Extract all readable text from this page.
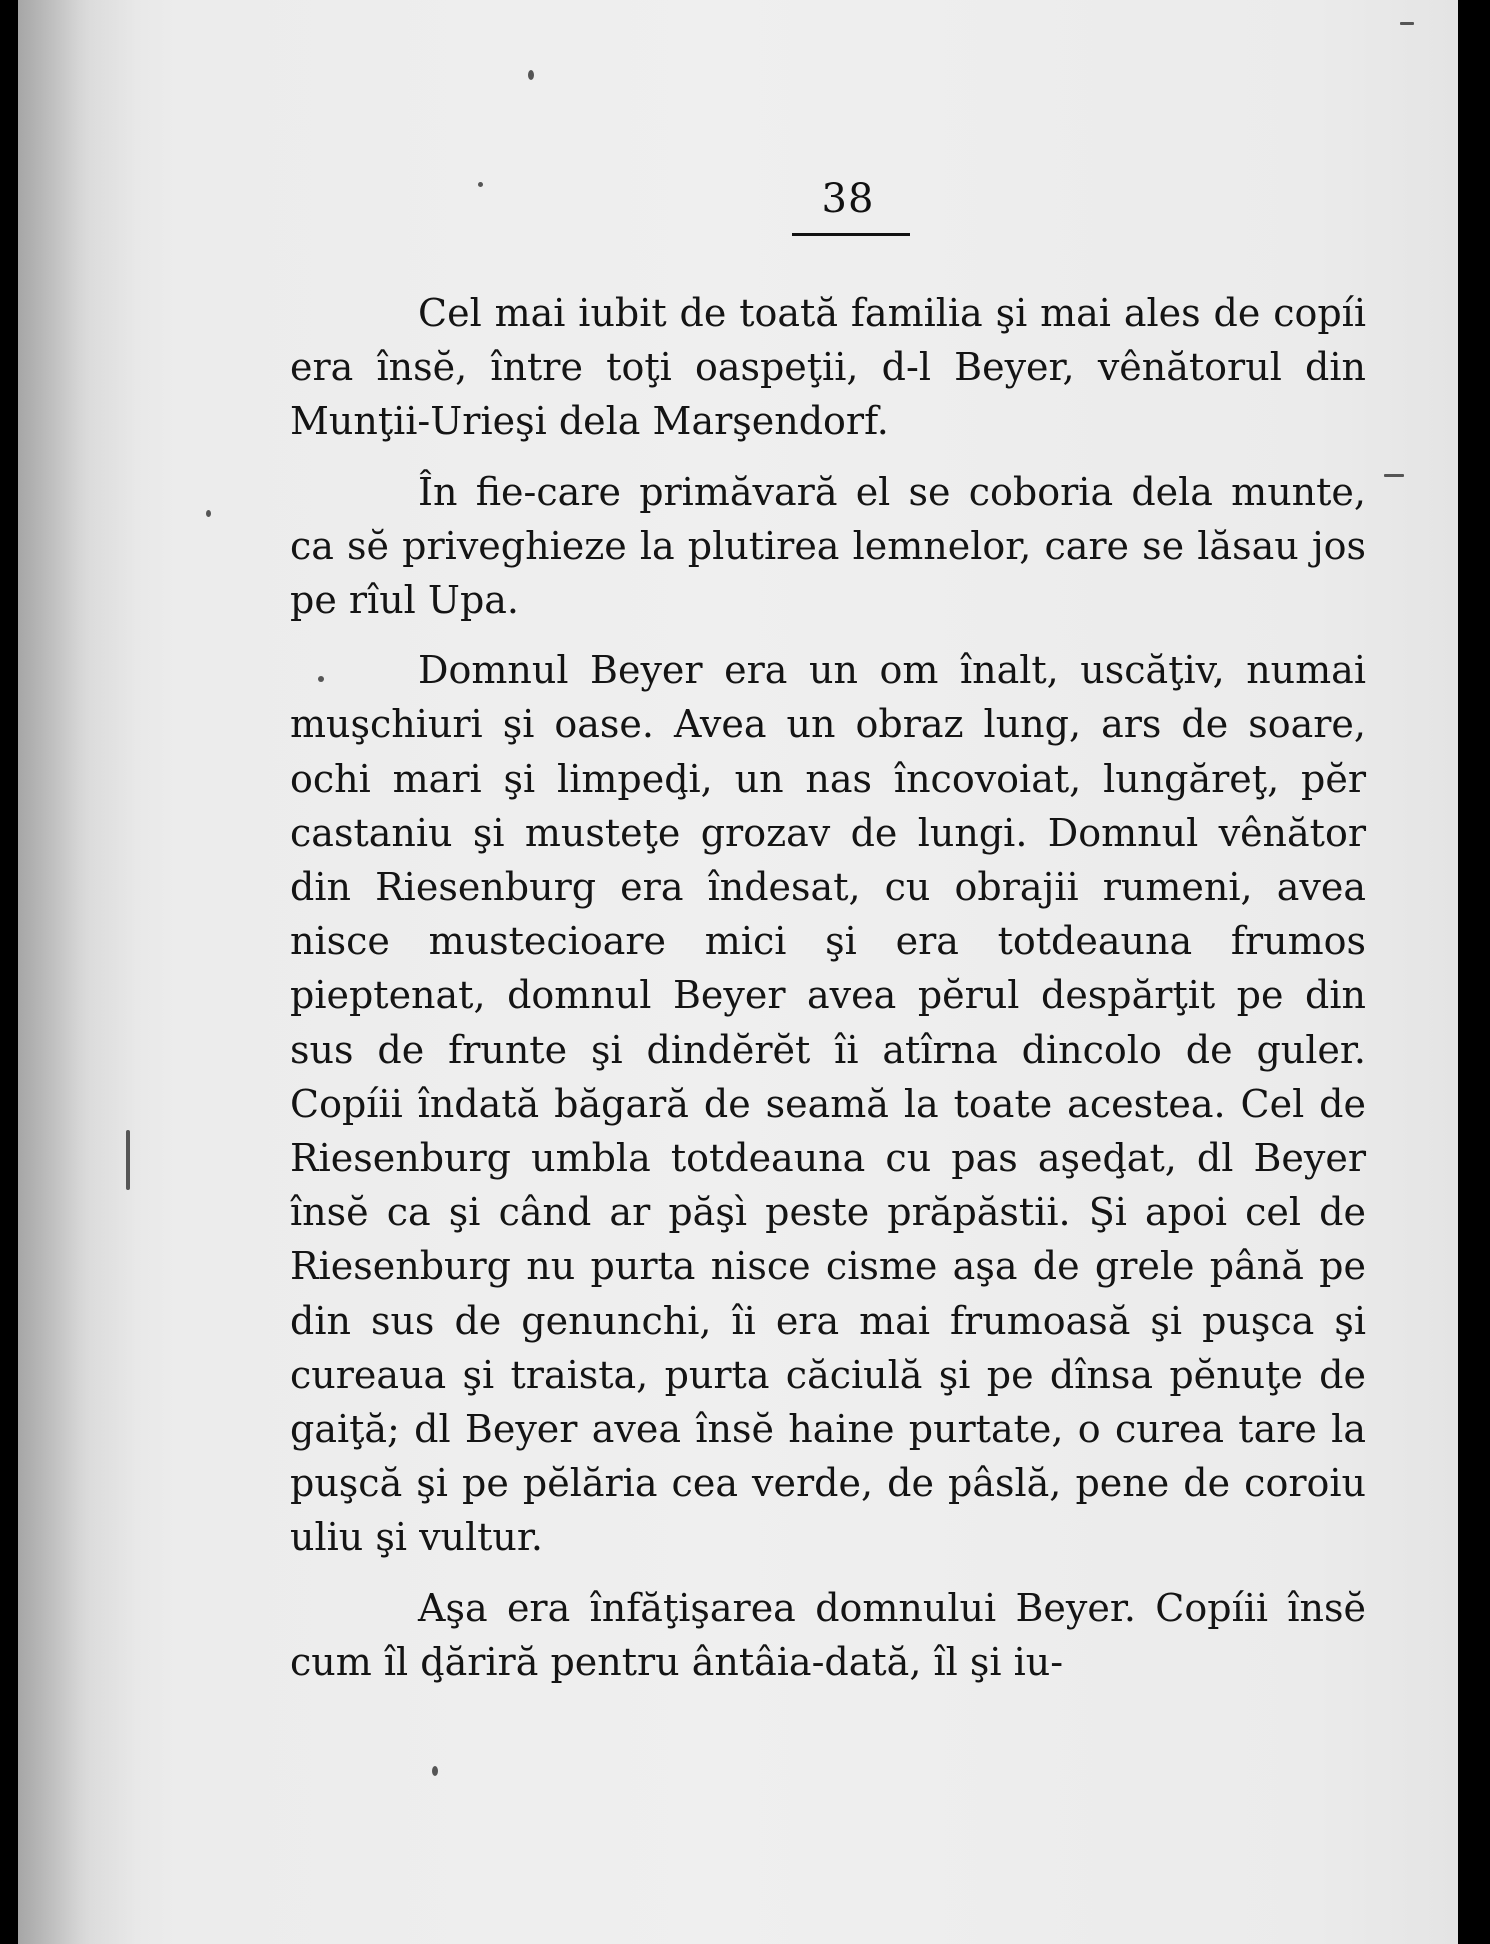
38

Cel mai iubit de toată familia şi mai ales de copíi era însĕ, între toţi oaspeţii, d-l Beyer, vênătorul din Munţii-Urieşi dela Marşendorf.

În fie-care primăvară el se coboria dela munte, ca sĕ priveghieze la plutirea lemnelor, care se lăsau jos pe rîul Upa.

Domnul Beyer era un om înalt, uscăţiv, numai muşchiuri şi oase. Avea un obraz lung, ars de soare, ochi mari şi limpeḑi, un nas încovoiat, lungăreţ, pĕr castaniu şi musteţe grozav de lungi. Domnul vênător din Riesenburg era îndesat, cu obrajii rumeni, avea nisce mustecioare mici şi era totdeauna frumos pieptenat, domnul Beyer avea pĕrul despărţit pe din sus de frunte şi dindĕrĕt îi atîrna dincolo de guler. Copíii îndată băgară de seamă la toate acestea. Cel de Riesenburg umbla totdeauna cu pas aşeḑat, dl Beyer însĕ ca şi când ar păşì peste prăpăstii. Şi apoi cel de Riesenburg nu purta nisce cisme aşa de grele până pe din sus de genunchi, îi era mai frumoasă şi puşca şi cureaua şi traista, purta căciulă şi pe dînsa pĕnuţe de gaiţă; dl Beyer avea însĕ haine purtate, o curea tare la puşcă şi pe pĕlăria cea verde, de pâslă, pene de coroiu uliu şi vultur.

Aşa era înfăţişarea domnului Beyer. Copíii însĕ cum îl ḑăriră pentru ântâia-dată, îl şi iu-
